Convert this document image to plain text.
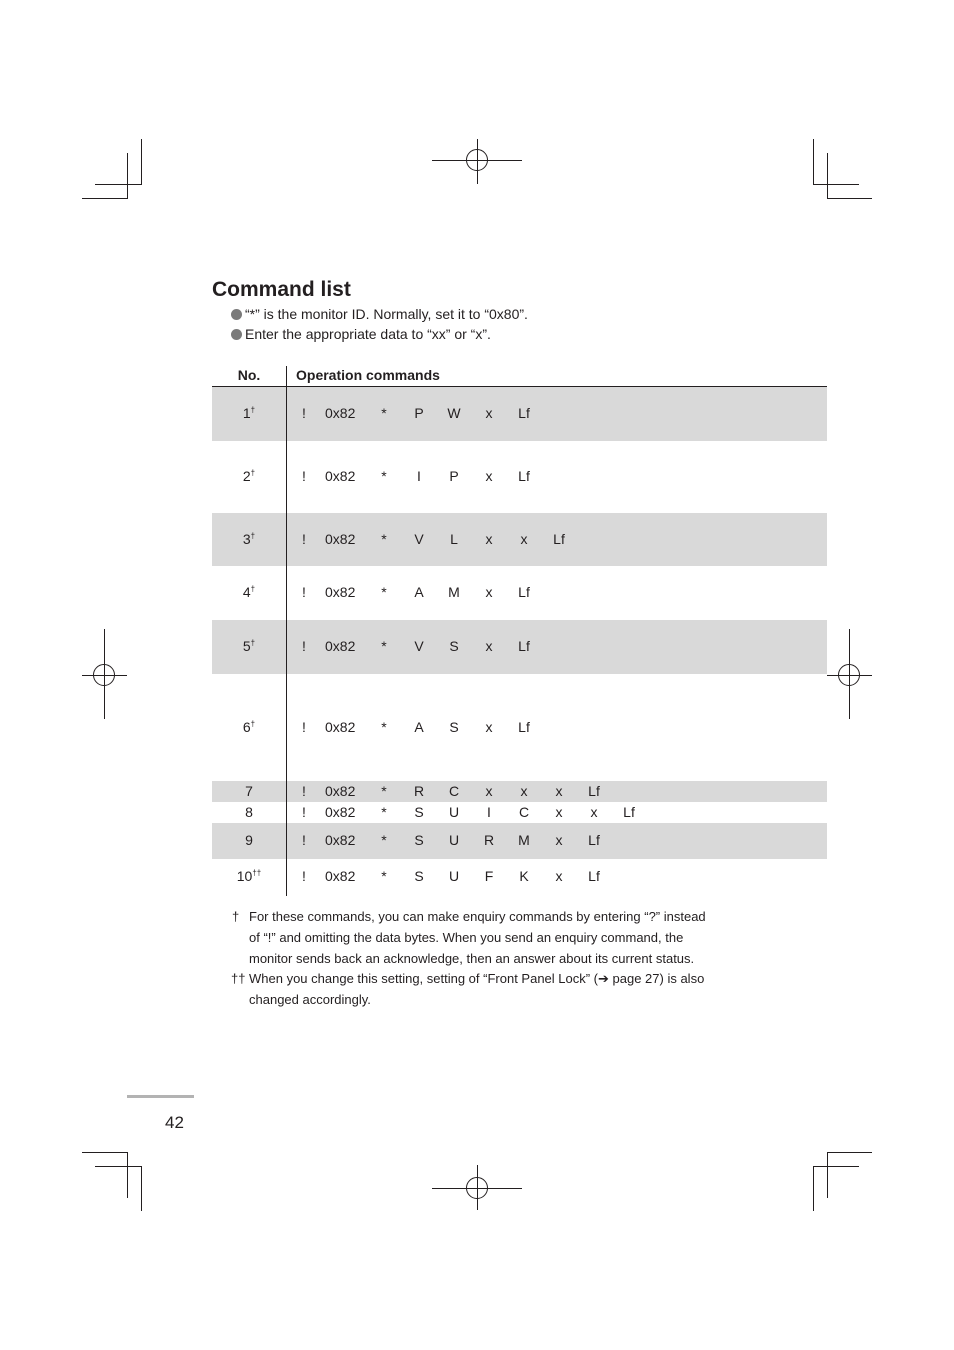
Command list
“*” is the monitor ID. Normally, set it to “0x80”.
Enter the appropriate data to “xx” or “x”.
1†	!	0x82	*	P	W	x	Lf
2†	!	0x82	*	I	P	x	Lf
3†	!	0x82	*	V	L	x	x	Lf
4†	!	0x82	*	A	M	x	Lf
5†	!	0x82	*	V	S	x	Lf
6†	!	0x82	*	A	S	x	Lf
7	!	0x82	*	R	C	x	x	x	Lf
8	!	0x82	*	S	U	I	C	x	x	Lf
9	!	0x82	*	S	U	R	M	x	Lf
10††	!	0x82	*	S	U	F	K	x	Lf
No.	Operation commands
† For these commands, you can make enquiry commands by entering “?” instead
of “!” and omitting the data bytes. When you send an enquiry command, the
monitor sends back an acknowledge, then an answer about its current status.
†† When you change this setting, setting of “Front Panel Lock” (➔ page 27) is also
changed accordingly.
42
